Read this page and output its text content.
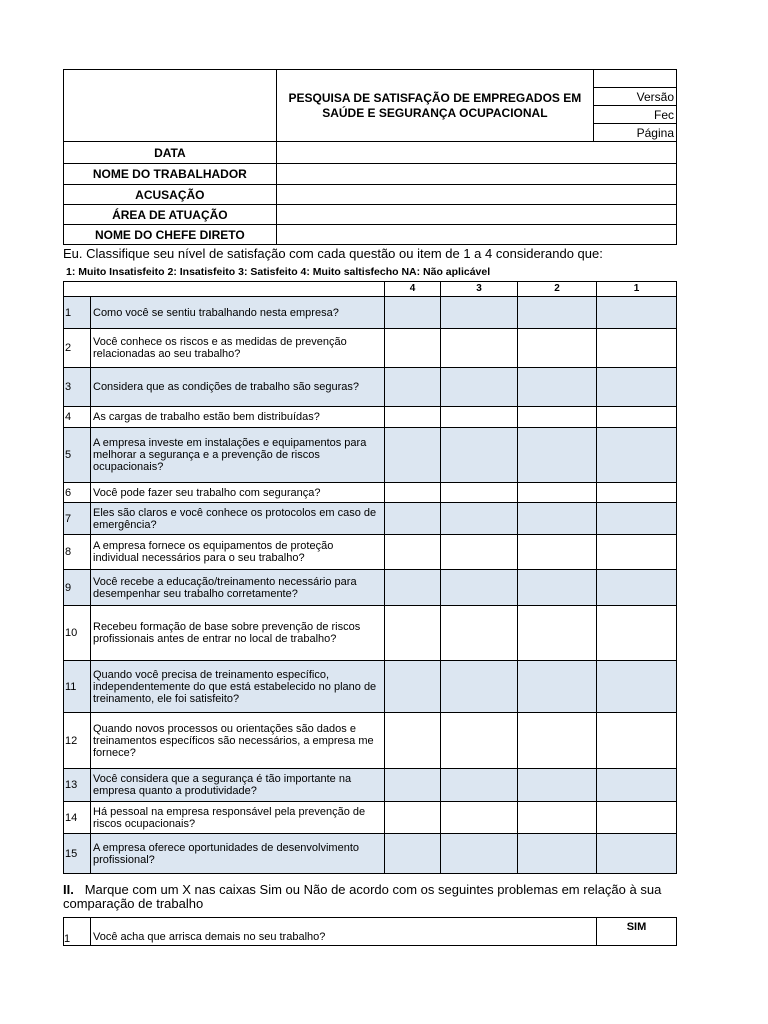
	PESQUISA DE SATISFAÇÃO DE EMPREGADOS EM SAÚDE E SEGURANÇA OCUPACIONAL	
		Versão
		Fec
		Página
DATA		
NOME DO TRABALHADOR		
ACUSAÇÃO		
ÁREA DE ATUAÇÃO		
NOME DO CHEFE DIRETO		
Eu. Classifique seu nível de satisfação com cada questão ou item de 1 a 4 considerando que:
1: Muito Insatisfeito 2: Insatisfeito 3: Satisfeito 4: Muito saltisfecho NA: Não aplicável
		4	3	2	1
1	Como você se sentiu trabalhando nesta empresa?				
2	Você conhece os riscos e as medidas de prevenção relacionadas ao seu trabalho?				
3	Considera que as condições de trabalho são seguras?				
4	As cargas de trabalho estão bem distribuídas?				
5	A empresa investe em instalações e equipamentos para melhorar a segurança e a prevenção de riscos ocupacionais?				
6	Você pode fazer seu trabalho com segurança?				
7	Eles são claros e você conhece os protocolos em caso de emergência?				
8	A empresa fornece os equipamentos de proteção individual necessários para o seu trabalho?				
9	Você recebe a educação/treinamento necessário para desempenhar seu trabalho corretamente?				
10	Recebeu formação de base sobre prevenção de riscos profissionais antes de entrar no local de trabalho?				
11	Quando você precisa de treinamento específico, independentemente do que está estabelecido no plano de treinamento, ele foi satisfeito?				
12	Quando novos processos ou orientações são dados e treinamentos específicos são necessários, a empresa me fornece?				
13	Você considera que a segurança é tão importante na empresa quanto a produtividade?				
14	Há pessoal na empresa responsável pela prevenção de riscos ocupacionais?				
15	A empresa oferece oportunidades de desenvolvimento profissional?				
II. Marque com um X nas caixas Sim ou Não de acordo com os seguintes problemas em relação à sua comparação de trabalho
1	Você acha que arrisca demais no seu trabalho?	SIM
